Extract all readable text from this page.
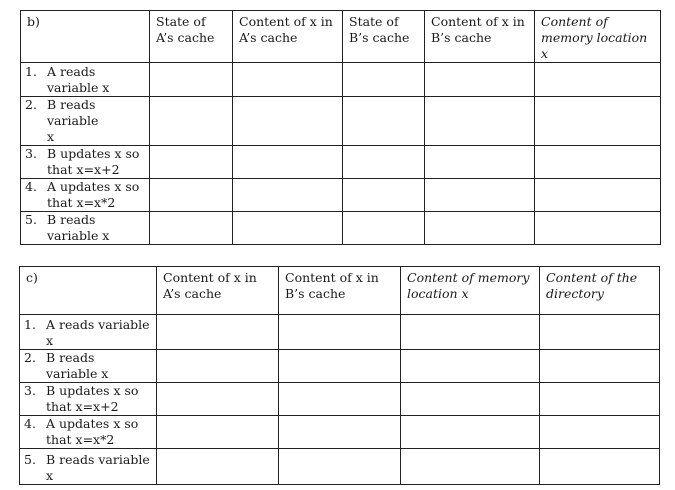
b)	State of A’s cache	Content of x in A’s cache	State of B’s cache	Content of x in B’s cache	Content of memory location x

1. A reads variable x					

2. B reads variable x					

3. B updates x so that x=x+2					

4. A updates x so that x=x*2					

5. B reads variable x					

c)	Content of x in A’s cache	Content of x in B’s cache	Content of memory location x	Content of the directory

1. A reads variable x				

2. B reads variable x				

3. B updates x so that x=x+2				

4. A updates x so that x=x*2				

5. B reads variable x				
